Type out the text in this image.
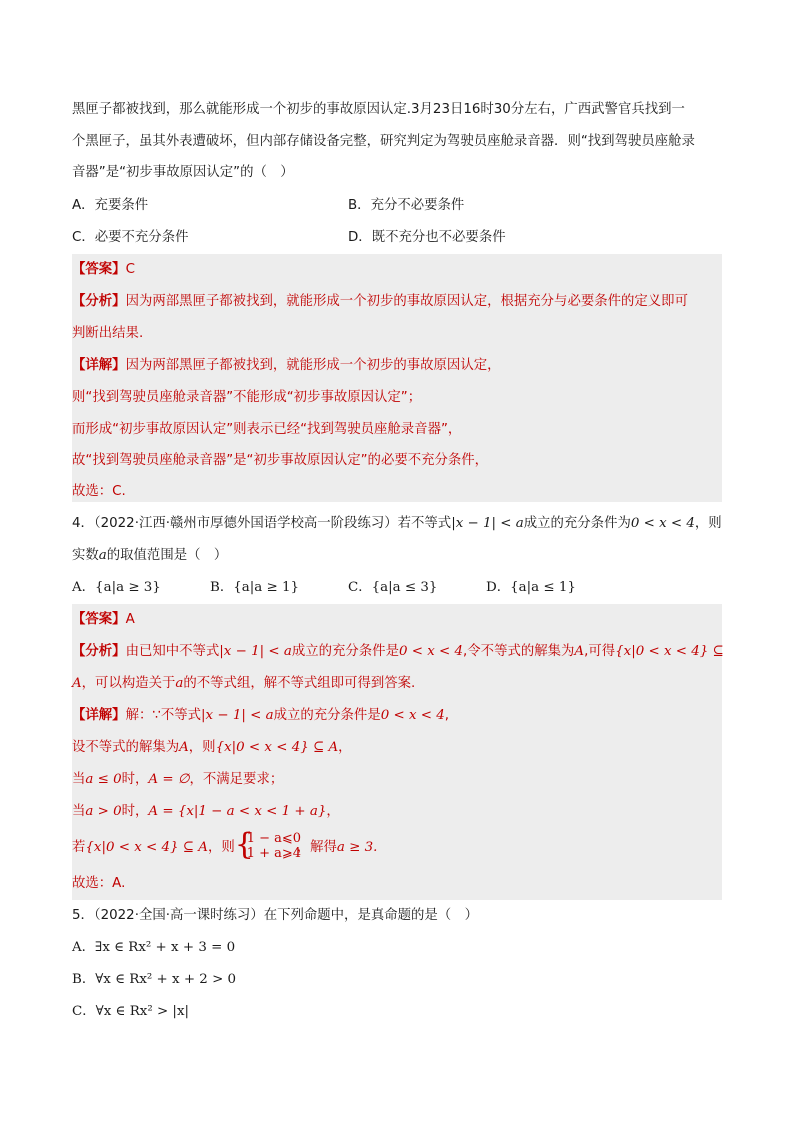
黑匣子都被找到，那么就能形成一个初步的事故原因认定.3月23日16时30分左右，广西武警官兵找到一
个黑匣子，虽其外表遭破坏，但内部存储设备完整，研究判定为驾驶员座舱录音器．则“找到驾驶员座舱录
音器”是“初步事故原因认定”的（　）
A．充要条件	B．充分不必要条件
C．必要不充分条件	D．既不充分也不必要条件
【答案】C
【分析】因为两部黑匣子都被找到，就能形成一个初步的事故原因认定，根据充分与必要条件的定义即可
判断出结果.
【详解】因为两部黑匣子都被找到，就能形成一个初步的事故原因认定，
则“找到驾驶员座舱录音器”不能形成“初步事故原因认定”；
而形成“初步事故原因认定”则表示已经“找到驾驶员座舱录音器”，
故“找到驾驶员座舱录音器”是“初步事故原因认定”的必要不充分条件，
故选：C.
4．（2022·江西·赣州市厚德外国语学校高一阶段练习）若不等式|x − 1| < a成立的充分条件为0 < x < 4，则
实数a的取值范围是（　）
A．{a|a ≥ 3}	B．{a|a ≥ 1}	C．{a|a ≤ 3}	D．{a|a ≤ 1}
【答案】A
【分析】由已知中不等式|x − 1| < a成立的充分条件是0 < x < 4,令不等式的解集为A,可得{x|0 < x < 4} ⊆
A，可以构造关于a的不等式组，解不等式组即可得到答案.
【详解】解：∵不等式|x − 1| < a成立的充分条件是0 < x < 4,
设不等式的解集为A，则{x|0 < x < 4} ⊆ A，
当a ≤ 0时，A = ∅，不满足要求；
当a > 0时，A = {x|1 − a < x < 1 + a}，
若{x|0 < x < 4} ⊆ A，则 {
1 − a⩽0
1 + a⩾4
，解得a ≥ 3.
故选：A.
5．（2022·全国·高一课时练习）在下列命题中，是真命题的是（　）
A．∃x ∈ Rx² + x + 3 = 0
B．∀x ∈ Rx² + x + 2 > 0
C．∀x ∈ Rx² > |x|
